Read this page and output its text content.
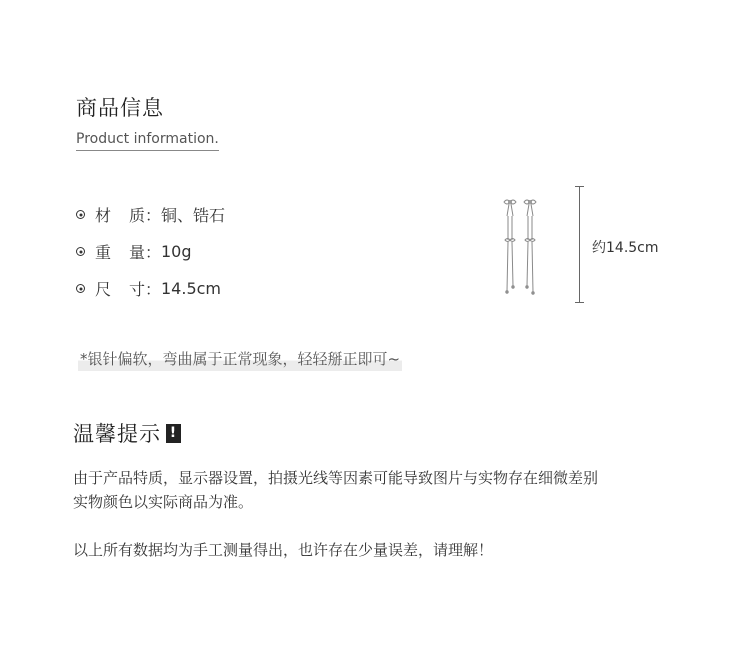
商品信息
Product information.
材 质： 铜、锆石
重 量： 10g
尺 寸： 14.5cm
约14.5cm
*银针偏软，弯曲属于正常现象，轻轻掰正即可~
温馨提示 !

由于产品特质，显示器设置，拍摄光线等因素可能导致图片与实物存在细微差别
实物颜色以实际商品为准。

以上所有数据均为手工测量得出，也许存在少量误差，请理解！
